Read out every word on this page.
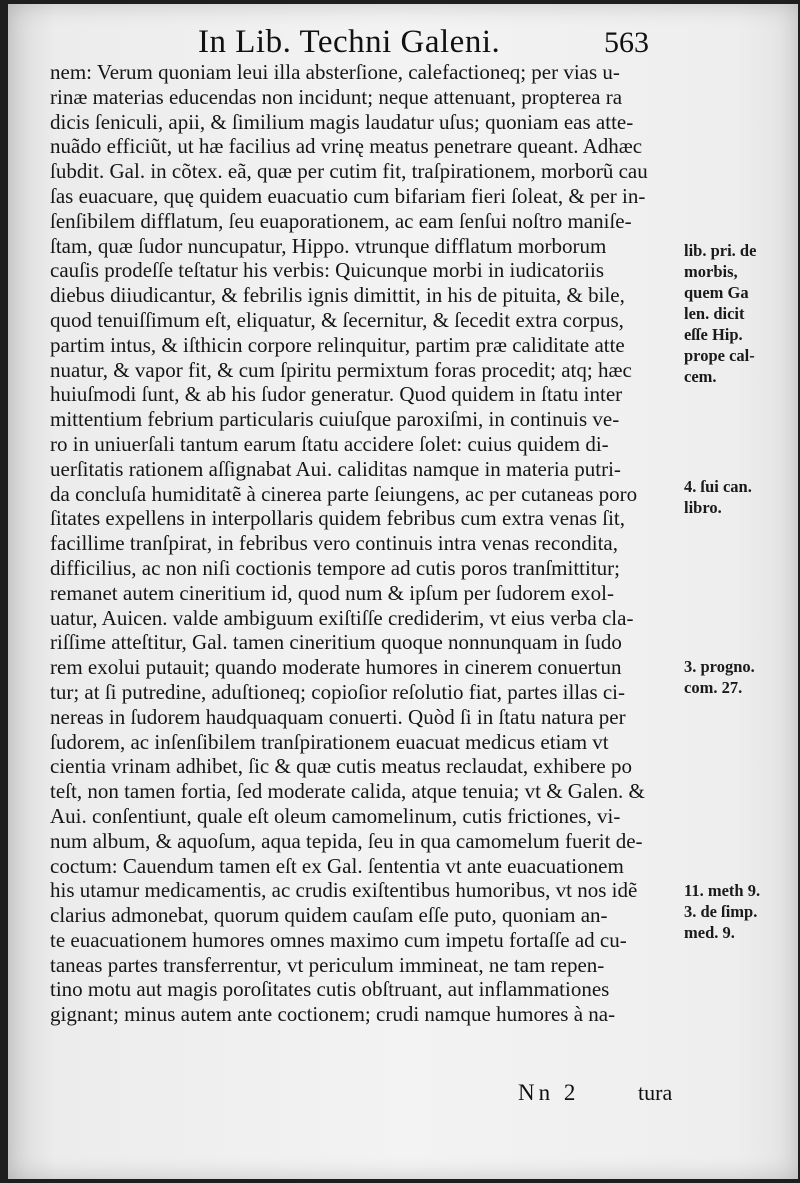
In Lib. Techni Galeni.	563
nem: Verum quoniam leui illa absterſione, calefactioneq; per vias u-
rinæ materias educendas non incidunt; neque attenuant, propterea ra
dicis ſeniculi, apii, & ſimilium magis laudatur uſus; quoniam eas atte-
nuãdo efficiũt, ut hæ facilius ad vrinę meatus penetrare queant. Adhæc
ſubdit. Gal. in cõtex. eã, quæ per cutim fit, traſpirationem, morborũ cau
ſas euacuare, quę quidem euacuatio cum bifariam fieri ſoleat, & per in-
ſenſibilem difflatum, ſeu euaporationem, ac eam ſenſui noſtro maniſe-
ſtam, quæ ſudor nuncupatur, Hippo. vtrunque difflatum morborum
cauſis prodeſſe teſtatur his verbis: Quicunque morbi in iudicatoriis
diebus diiudicantur, & febrilis ignis dimittit, in his de pituita, & bile,
quod tenuiſſimum eſt, eliquatur, & ſecernitur, & ſecedit extra corpus,
partim intus, & iſthicin corpore relinquitur, partim præ caliditate atte
nuatur, & vapor fit, & cum ſpiritu permixtum foras procedit; atq; hæc
huiuſmodi ſunt, & ab his ſudor generatur. Quod quidem in ſtatu inter
mittentium febrium particularis cuiuſque paroxiſmi, in continuis ve-
ro in uniuerſali tantum earum ſtatu accidere ſolet: cuius quidem di-
uerſitatis rationem aſſignabat Aui. caliditas namque in materia putri-
da concluſa humiditatẽ à cinerea parte ſeiungens, ac per cutaneas poro
ſitates expellens in interpollaris quidem febribus cum extra venas ſit,
facillime tranſpirat, in febribus vero continuis intra venas recondita,
difficilius, ac non niſi coctionis tempore ad cutis poros tranſmittitur;
remanet autem cineritium id, quod num & ipſum per ſudorem exol-
uatur, Auicen. valde ambiguum exiſtiſſe crediderim, vt eius verba cla-
riſſime atteſtitur, Gal. tamen cineritium quoque nonnunquam in ſudo
rem exolui putauit; quando moderate humores in cinerem conuertun
tur; at ſi putredine, aduſtioneq; copioſior reſolutio fiat, partes illas ci-
nereas in ſudorem haudquaquam conuerti. Quòd ſi in ſtatu natura per
ſudorem, ac inſenſibilem tranſpirationem euacuat medicus etiam vt
cientia vrinam adhibet, ſic & quæ cutis meatus reclaudat, exhibere po
teſt, non tamen fortia, ſed moderate calida, atque tenuia; vt & Galen. &
Aui. conſentiunt, quale eſt oleum camomelinum, cutis frictiones, vi-
num album, & aquoſum, aqua tepida, ſeu in qua camomelum fuerit de-
coctum: Cauendum tamen eſt ex Gal. ſententia vt ante euacuationem
his utamur medicamentis, ac crudis exiſtentibus humoribus, vt nos idẽ
clarius admonebat, quorum quidem cauſam eſſe puto, quoniam an-
te euacuationem humores omnes maximo cum impetu fortaſſe ad cu-
taneas partes transferrentur, vt periculum immineat, ne tam repen-
tino motu aut magis poroſitates cutis obſtruant, aut inflammationes
gignant; minus autem ante coctionem; crudi namque humores à na-
lib. pri. de
morbis,
quem Ga
len. dicit
eſſe Hip.
prope cal-
cem.
4. ſui can.
libro.
3. progno.
com. 27.
11. meth 9.
3. de ſimp.
med. 9.
Nn 2	tura
